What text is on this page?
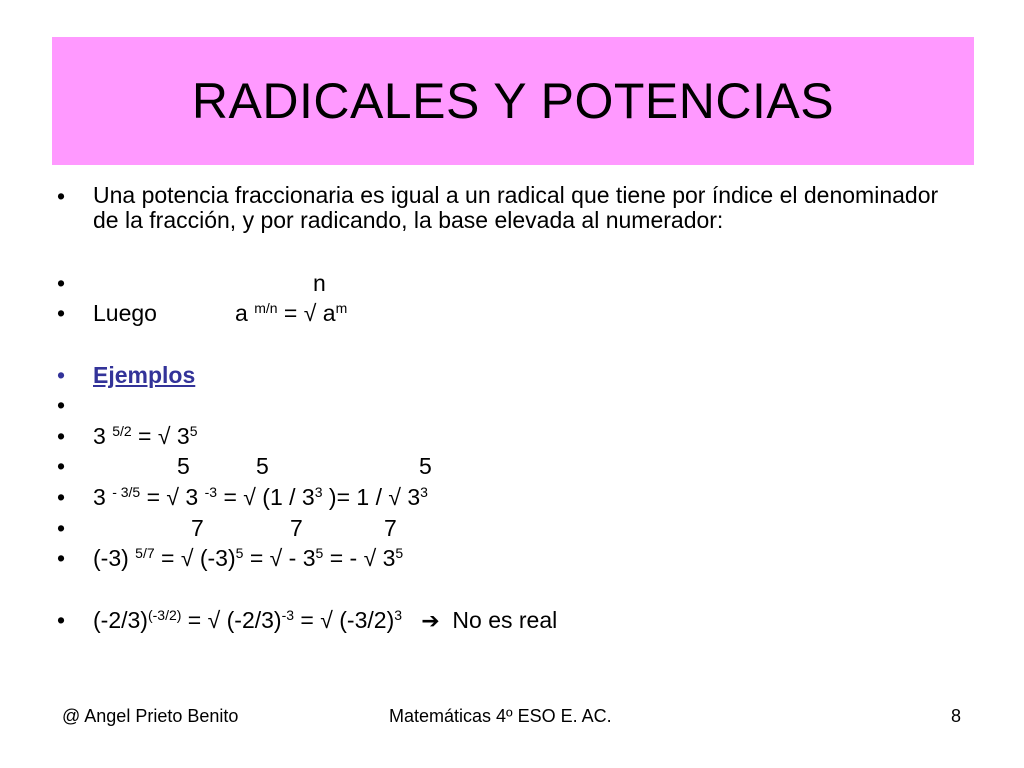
RADICALES Y POTENCIAS
• Una potencia fraccionaria es igual a un radical que tiene por índice el denominador de la fracción, y por radicando, la base elevada al numerador:
•	n
• Luego	a $^{m/n}$ = √ $a^m$
• Ejemplos
•
• 3 $^{5/2}$ = √ $3^5$
•	5	5	5
• 3 $^{- 3/5}$ = √ 3 $^{-3}$ = √ ($1 / 3^3$ )= 1 / √ $3^3$
•	7	7	7
• (-3) $^{5/7}$ = √ $(-3)^5$ = √ - $3^5$ = - √ $3^5$
• $(-2/3)^{(-3/2)}$ = √ $(-2/3)^{-3}$ = √ $(-3/2)^3$ ➔ No es real
@ Angel Prieto Benito	Matemáticas 4º ESO E. AC.	8
